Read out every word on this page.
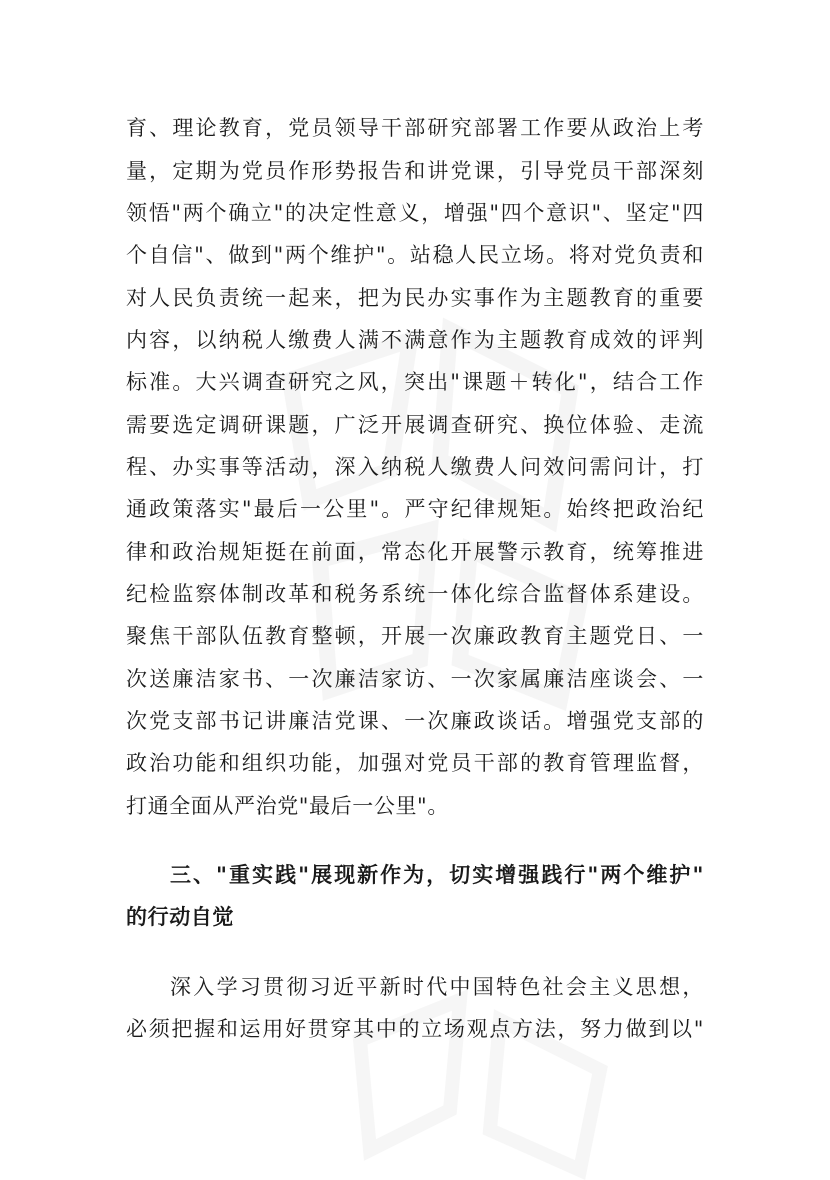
育、理论教育，党员领导干部研究部署工作要从政治上考
量，定期为党员作形势报告和讲党课，引导党员干部深刻
领悟"两个确立"的决定性意义，增强"四个意识"、坚定"四
个自信"、做到"两个维护"。站稳人民立场。将对党负责和
对人民负责统一起来，把为民办实事作为主题教育的重要
内容，以纳税人缴费人满不满意作为主题教育成效的评判
标准。大兴调查研究之风，突出"课题＋转化"，结合工作
需要选定调研课题，广泛开展调查研究、换位体验、走流
程、办实事等活动，深入纳税人缴费人问效问需问计，打
通政策落实"最后一公里"。严守纪律规矩。始终把政治纪
律和政治规矩挺在前面，常态化开展警示教育，统筹推进
纪检监察体制改革和税务系统一体化综合监督体系建设。
聚焦干部队伍教育整顿，开展一次廉政教育主题党日、一
次送廉洁家书、一次廉洁家访、一次家属廉洁座谈会、一
次党支部书记讲廉洁党课、一次廉政谈话。增强党支部的
政治功能和组织功能，加强对党员干部的教育管理监督，
打通全面从严治党"最后一公里"。
三、"重实践"展现新作为，切实增强践行"两个维护"
的行动自觉
深入学习贯彻习近平新时代中国特色社会主义思想，
必须把握和运用好贯穿其中的立场观点方法，努力做到以"
